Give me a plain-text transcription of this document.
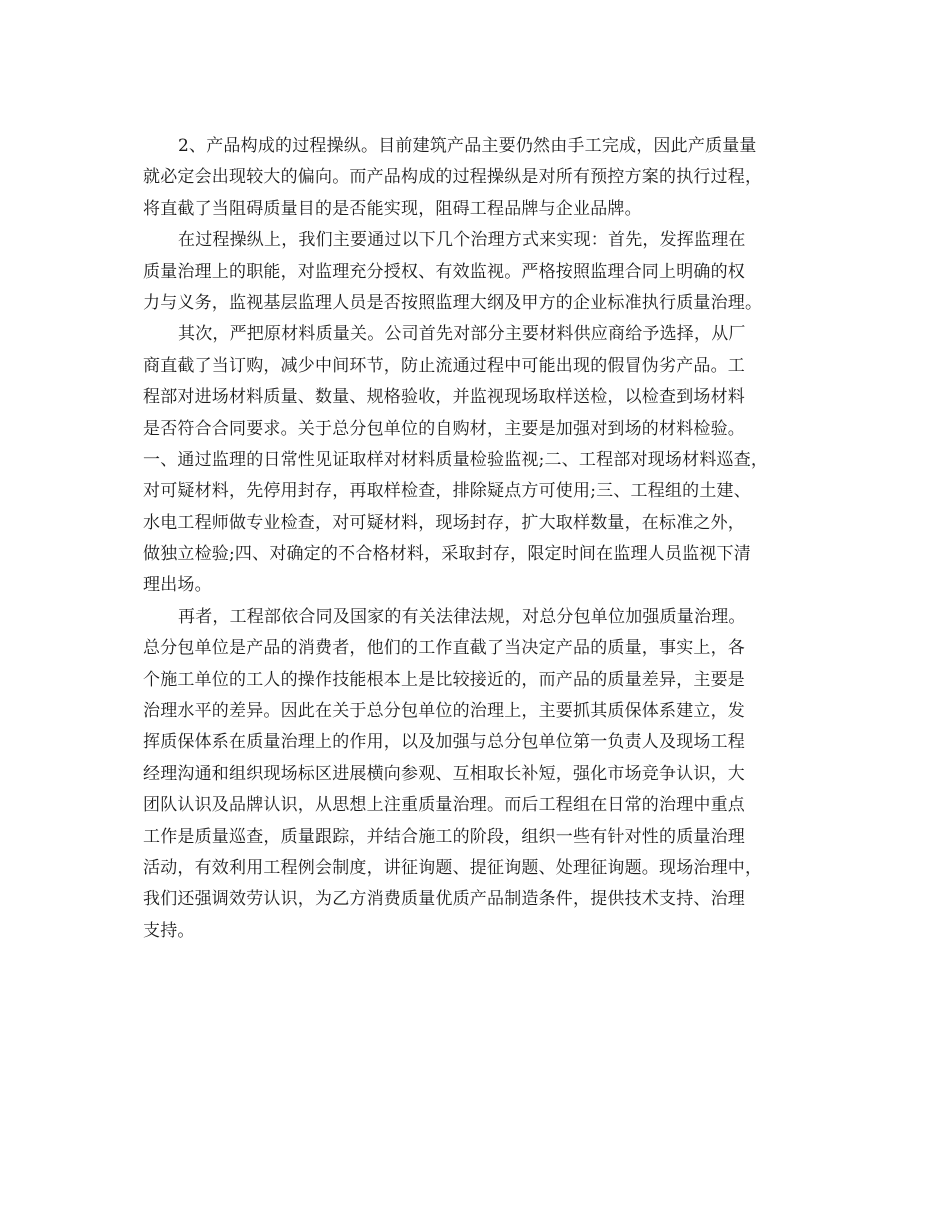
2、产品构成的过程操纵。目前建筑产品主要仍然由手工完成，因此产质量量
就必定会出现较大的偏向。而产品构成的过程操纵是对所有预控方案的执行过程，
将直截了当阻碍质量目的是否能实现，阻碍工程品牌与企业品牌。
在过程操纵上，我们主要通过以下几个治理方式来实现：首先，发挥监理在
质量治理上的职能，对监理充分授权、有效监视。严格按照监理合同上明确的权
力与义务，监视基层监理人员是否按照监理大纲及甲方的企业标准执行质量治理。
其次，严把原材料质量关。公司首先对部分主要材料供应商给予选择，从厂
商直截了当订购，减少中间环节，防止流通过程中可能出现的假冒伪劣产品。工
程部对进场材料质量、数量、规格验收，并监视现场取样送检，以检查到场材料
是否符合合同要求。关于总分包单位的自购材，主要是加强对到场的材料检验。
一、通过监理的日常性见证取样对材料质量检验监视;二、工程部对现场材料巡查，
对可疑材料，先停用封存，再取样检查，排除疑点方可使用;三、工程组的土建、
水电工程师做专业检查，对可疑材料，现场封存，扩大取样数量，在标准之外，
做独立检验;四、对确定的不合格材料，采取封存，限定时间在监理人员监视下清
理出场。
再者，工程部依合同及国家的有关法律法规，对总分包单位加强质量治理。
总分包单位是产品的消费者，他们的工作直截了当决定产品的质量，事实上，各
个施工单位的工人的操作技能根本上是比较接近的，而产品的质量差异，主要是
治理水平的差异。因此在关于总分包单位的治理上，主要抓其质保体系建立，发
挥质保体系在质量治理上的作用，以及加强与总分包单位第一负责人及现场工程
经理沟通和组织现场标区进展横向参观、互相取长补短，强化市场竞争认识，大
团队认识及品牌认识，从思想上注重质量治理。而后工程组在日常的治理中重点
工作是质量巡查，质量跟踪，并结合施工的阶段，组织一些有针对性的质量治理
活动，有效利用工程例会制度，讲征询题、提征询题、处理征询题。现场治理中，
我们还强调效劳认识，为乙方消费质量优质产品制造条件，提供技术支持、治理
支持。
